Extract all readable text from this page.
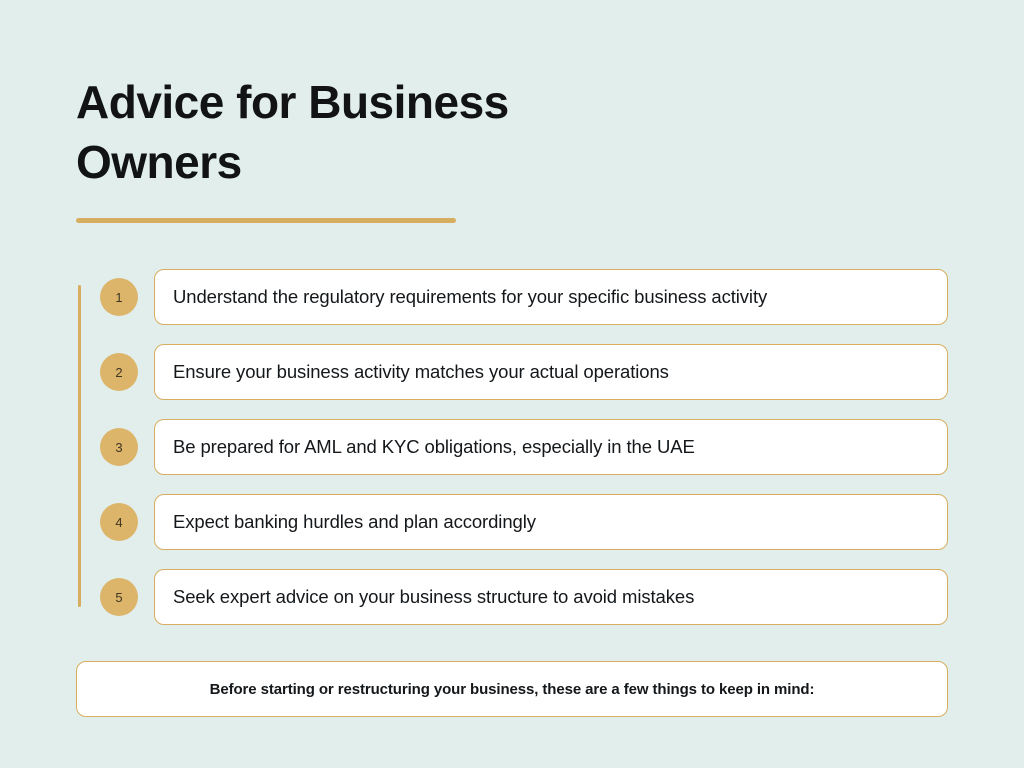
Advice for Business
Owners
1	Understand the regulatory requirements for your specific business activity
2	Ensure your business activity matches your actual operations
3	Be prepared for AML and KYC obligations, especially in the UAE
4	Expect banking hurdles and plan accordingly
5	Seek expert advice on your business structure to avoid mistakes
Before starting or restructuring your business, these are a few things to keep in mind:
